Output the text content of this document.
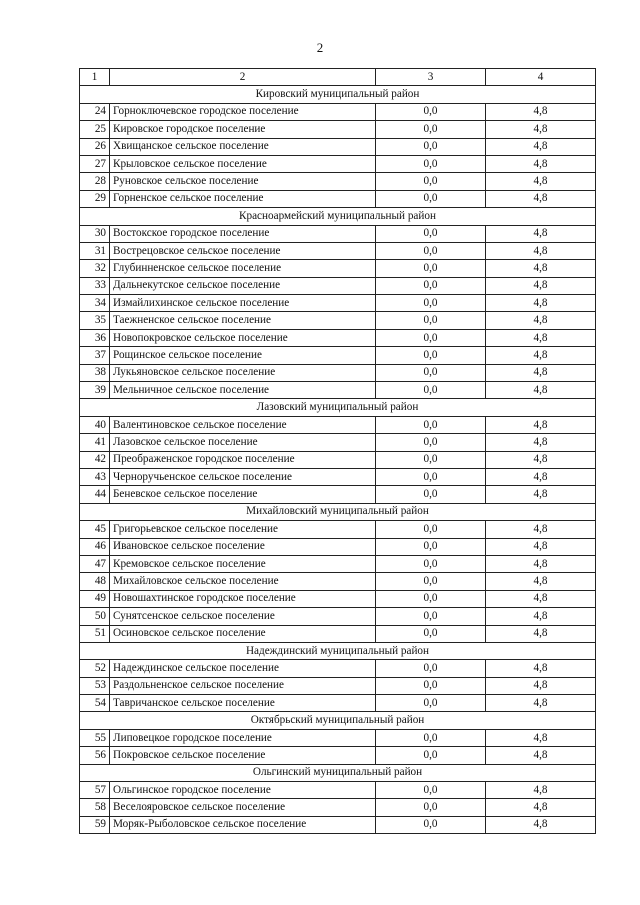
2
1	2	3	4
Кировский муниципальный район			
24	Горноключевское городское поселение	0,0	4,8
25	Кировское городское поселение	0,0	4,8
26	Хвищанское сельское поселение	0,0	4,8
27	Крыловское сельское поселение	0,0	4,8
28	Руновское сельское поселение	0,0	4,8
29	Горненское сельское поселение	0,0	4,8
Красноармейский муниципальный район			
30	Востокское городское поселение	0,0	4,8
31	Вострецовское сельское поселение	0,0	4,8
32	Глубинненское сельское поселение	0,0	4,8
33	Дальнекутское сельское поселение	0,0	4,8
34	Измайлихинское сельское поселение	0,0	4,8
35	Таежненское сельское поселение	0,0	4,8
36	Новопокровское сельское поселение	0,0	4,8
37	Рощинское сельское поселение	0,0	4,8
38	Лукьяновское сельское поселение	0,0	4,8
39	Мельничное сельское поселение	0,0	4,8
Лазовский муниципальный район			
40	Валентиновское сельское поселение	0,0	4,8
41	Лазовское сельское поселение	0,0	4,8
42	Преображенское городское поселение	0,0	4,8
43	Черноручьенское сельское поселение	0,0	4,8
44	Беневское сельское поселение	0,0	4,8
Михайловский муниципальный район			
45	Григорьевское сельское поселение	0,0	4,8
46	Ивановское сельское поселение	0,0	4,8
47	Кремовское сельское поселение	0,0	4,8
48	Михайловское сельское поселение	0,0	4,8
49	Новошахтинское городское поселение	0,0	4,8
50	Сунятсенское сельское поселение	0,0	4,8
51	Осиновское сельское поселение	0,0	4,8
Надеждинский муниципальный район			
52	Надеждинское сельское поселение	0,0	4,8
53	Раздольненское сельское поселение	0,0	4,8
54	Тавричанское сельское поселение	0,0	4,8
Октябрьский муниципальный район			
55	Липовецкое городское поселение	0,0	4,8
56	Покровское сельское поселение	0,0	4,8
Ольгинский муниципальный район			
57	Ольгинское городское поселение	0,0	4,8
58	Веселояровское сельское поселение	0,0	4,8
59	Моряк-Рыболовское сельское поселение	0,0	4,8
